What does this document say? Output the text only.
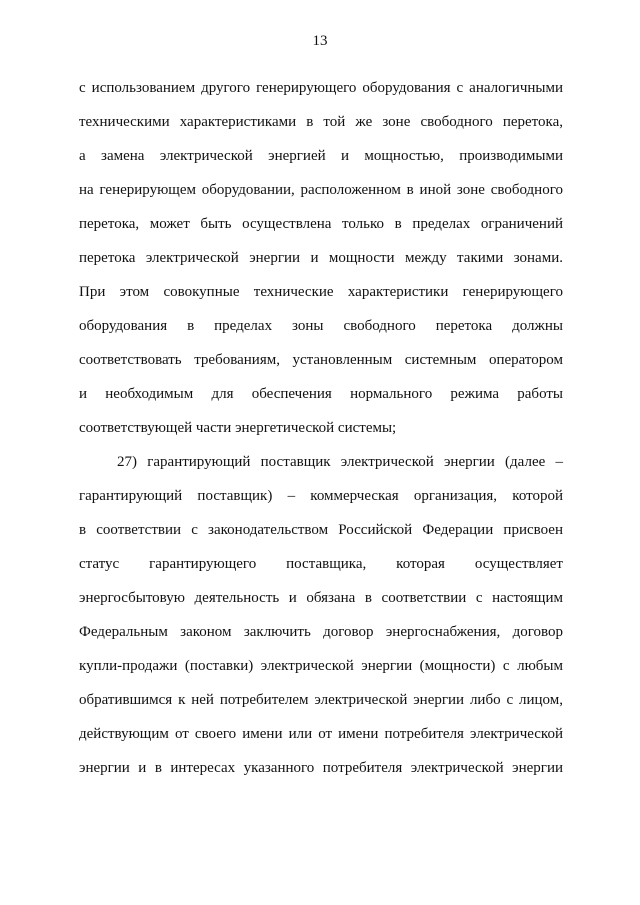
13
с использованием другого генерирующего оборудования с аналогичными
техническими характеристиками в той же зоне свободного перетока,
а замена электрической энергией и мощностью, производимыми
на генерирующем оборудовании, расположенном в иной зоне свободного
перетока, может быть осуществлена только в пределах ограничений
перетока электрической энергии и мощности между такими зонами.
При этом совокупные технические характеристики генерирующего
оборудования в пределах зоны свободного перетока должны
соответствовать требованиям, установленным системным оператором
и необходимым для обеспечения нормального режима работы
соответствующей части энергетической системы;
27) гарантирующий поставщик электрической энергии (далее –
гарантирующий поставщик) – коммерческая организация, которой
в соответствии с законодательством Российской Федерации присвоен
статус гарантирующего поставщика, которая осуществляет
энергосбытовую деятельность и обязана в соответствии с настоящим
Федеральным законом заключить договор энергоснабжения, договор
купли-продажи (поставки) электрической энергии (мощности) с любым
обратившимся к ней потребителем электрической энергии либо с лицом,
действующим от своего имени или от имени потребителя электрической
энергии и в интересах указанного потребителя электрической энергии
